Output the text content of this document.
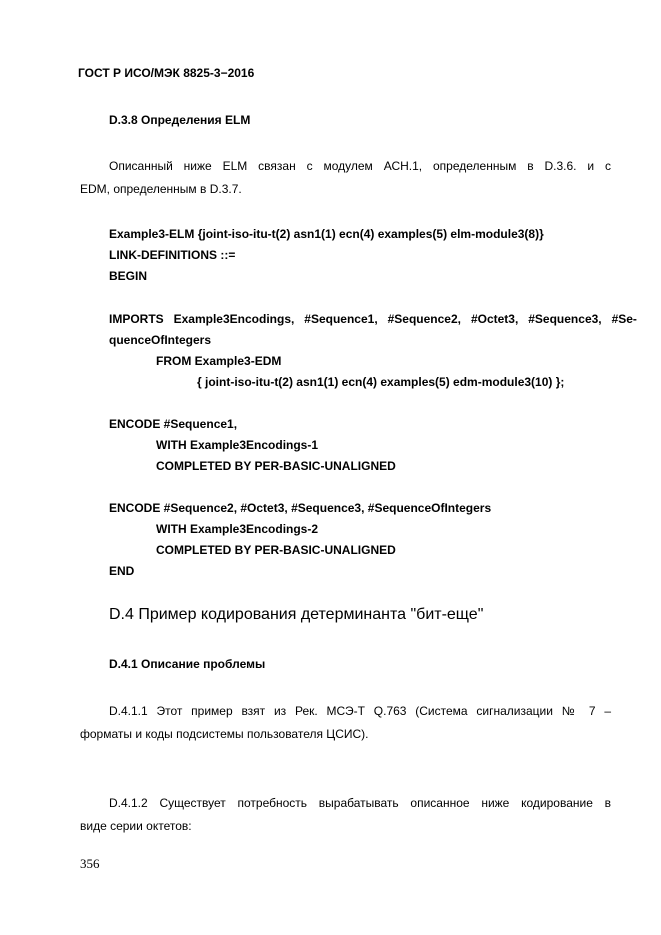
ГОСТ Р ИСО/МЭК 8825-3−2016
D.3.8 Определения ELM
Описанный ниже ELM связан с модулем АСН.1, определенным в D.3.6. и с
EDM, определенным в D.3.7.
Example3-ELM {joint-iso-itu-t(2) asn1(1) ecn(4) examples(5) elm-module3(8)}
LINK-DEFINITIONS ::=
BEGIN
IMPORTS Example3Encodings, #Sequence1, #Sequence2, #Octet3, #Sequence3, #Se-
quenceOfIntegers
FROM Example3-EDM
{ joint-iso-itu-t(2) asn1(1) ecn(4) examples(5) edm-module3(10) };
ENCODE #Sequence1,
WITH Example3Encodings-1
COMPLETED BY PER-BASIC-UNALIGNED
ENCODE #Sequence2, #Octet3, #Sequence3, #SequenceOfIntegers
WITH Example3Encodings-2
COMPLETED BY PER-BASIC-UNALIGNED
END
D.4 Пример кодирования детерминанта "бит-еще"
D.4.1 Описание проблемы
D.4.1.1 Этот пример взят из Рек. МСЭ-Т Q.763 (Система сигнализации № 7 –
форматы и коды подсистемы пользователя ЦСИС).
D.4.1.2 Существует потребность вырабатывать описанное ниже кодирование в
виде серии октетов:
356
